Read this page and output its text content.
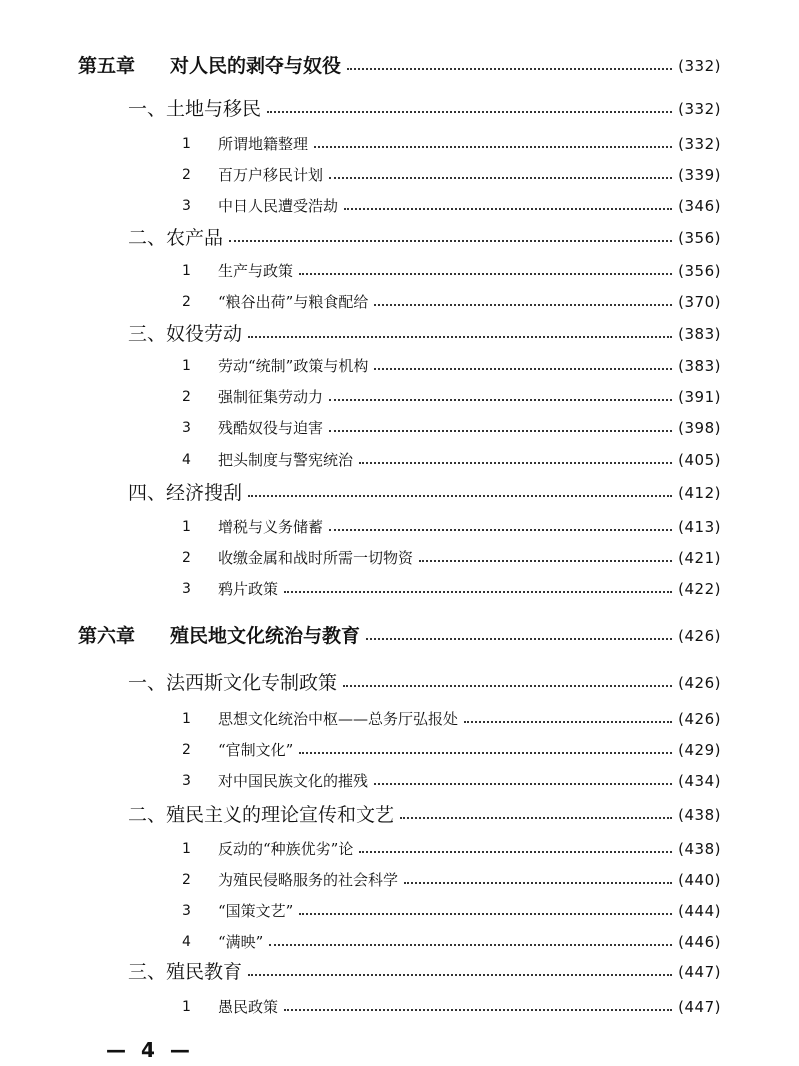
第五章	对人民的剥夺与奴役	(332)
一、土地与移民	(332)
1	所谓地籍整理	(332)
2	百万户移民计划	(339)
3	中日人民遭受浩劫	(346)
二、农产品	(356)
1	生产与政策	(356)
2	“粮谷出荷”与粮食配给	(370)
三、奴役劳动	(383)
1	劳动“统制”政策与机构	(383)
2	强制征集劳动力	(391)
3	残酷奴役与迫害	(398)
4	把头制度与警宪统治	(405)
四、经济搜刮	(412)
1	增税与义务储蓄	(413)
2	收缴金属和战时所需一切物资	(421)
3	鸦片政策	(422)
第六章	殖民地文化统治与教育	(426)
一、法西斯文化专制政策	(426)
1	思想文化统治中枢——总务厅弘报处	(426)
2	“官制文化”	(429)
3	对中国民族文化的摧残	(434)
二、殖民主义的理论宣传和文艺	(438)
1	反动的“种族优劣”论	(438)
2	为殖民侵略服务的社会科学	(440)
3	“国策文艺”	(444)
4	“满映”	(446)
三、殖民教育	(447)
1	愚民政策	(447)
— 4 —
